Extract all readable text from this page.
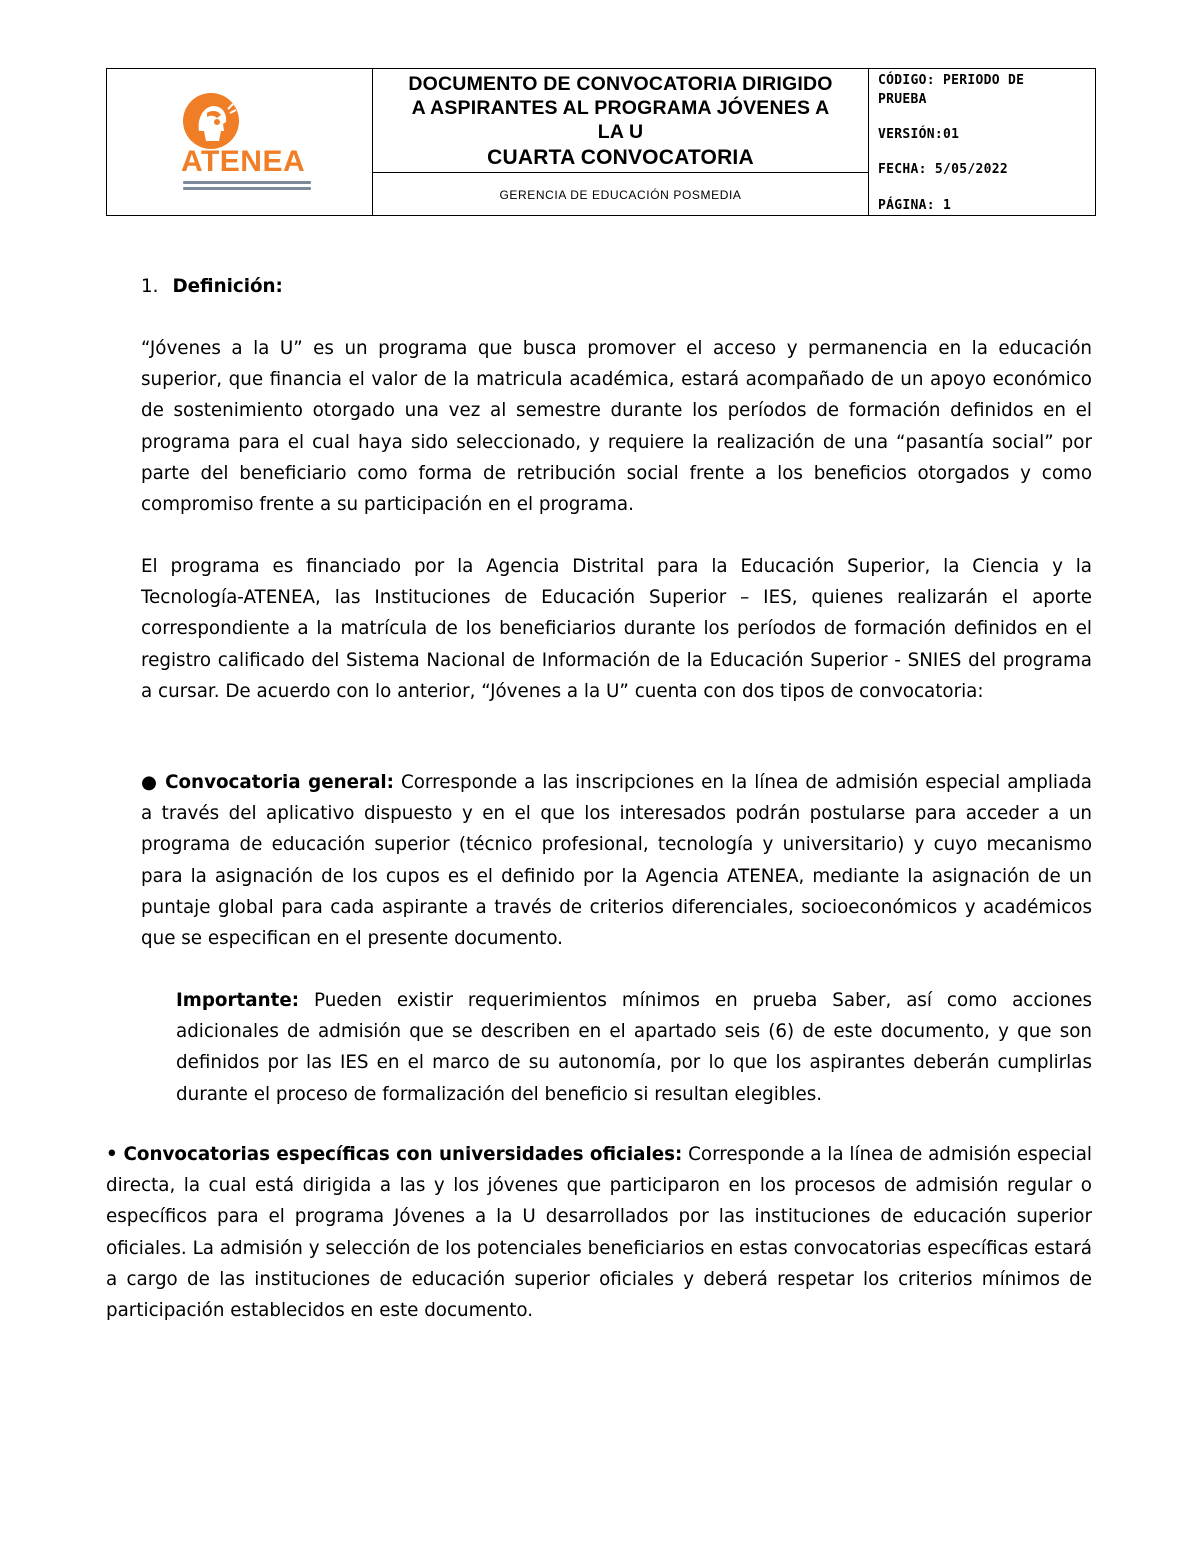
ATENEA
DOCUMENTO DE CONVOCATORIA DIRIGIDO
A ASPIRANTES AL PROGRAMA JÓVENES A
LA U
CUARTA CONVOCATORIA
GERENCIA DE EDUCACIÓN POSMEDIA
CÓDIGO: PERIODO DE
PRUEBA
VERSIÓN:01
FECHA: 5/05/2022
PÁGINA: 1
1. Definición:

“Jóvenes a la U” es un programa que busca promover el acceso y permanencia en la educación superior, que financia el valor de la matricula académica, estará acompañado de un apoyo económico de sostenimiento otorgado una vez al semestre durante los períodos de formación definidos en el programa para el cual haya sido seleccionado, y requiere la realización de una “pasantía social” por parte del beneficiario como forma de retribución social frente a los beneficios otorgados y como compromiso frente a su participación en el programa.

El programa es financiado por la Agencia Distrital para la Educación Superior, la Ciencia y la Tecnología-ATENEA, las Instituciones de Educación Superior – IES, quienes realizarán el aporte correspondiente a la matrícula de los beneficiarios durante los períodos de formación definidos en el registro calificado del Sistema Nacional de Información de la Educación Superior - SNIES del programa a cursar. De acuerdo con lo anterior, “Jóvenes a la U” cuenta con dos tipos de convocatoria:

● Convocatoria general: Corresponde a las inscripciones en la línea de admisión especial ampliada a través del aplicativo dispuesto y en el que los interesados podrán postularse para acceder a un programa de educación superior (técnico profesional, tecnología y universitario) y cuyo mecanismo para la asignación de los cupos es el definido por la Agencia ATENEA, mediante la asignación de un puntaje global para cada aspirante a través de criterios diferenciales, socioeconómicos y académicos que se especifican en el presente documento.

Importante: Pueden existir requerimientos mínimos en prueba Saber, así como acciones adicionales de admisión que se describen en el apartado seis (6) de este documento, y que son definidos por las IES en el marco de su autonomía, por lo que los aspirantes deberán cumplirlas durante el proceso de formalización del beneficio si resultan elegibles.

• Convocatorias específicas con universidades oficiales: Corresponde a la línea de admisión especial directa, la cual está dirigida a las y los jóvenes que participaron en los procesos de admisión regular o específicos para el programa Jóvenes a la U desarrollados por las instituciones de educación superior oficiales. La admisión y selección de los potenciales beneficiarios en estas convocatorias específicas estará a cargo de las instituciones de educación superior oficiales y deberá respetar los criterios mínimos de participación establecidos en este documento.
